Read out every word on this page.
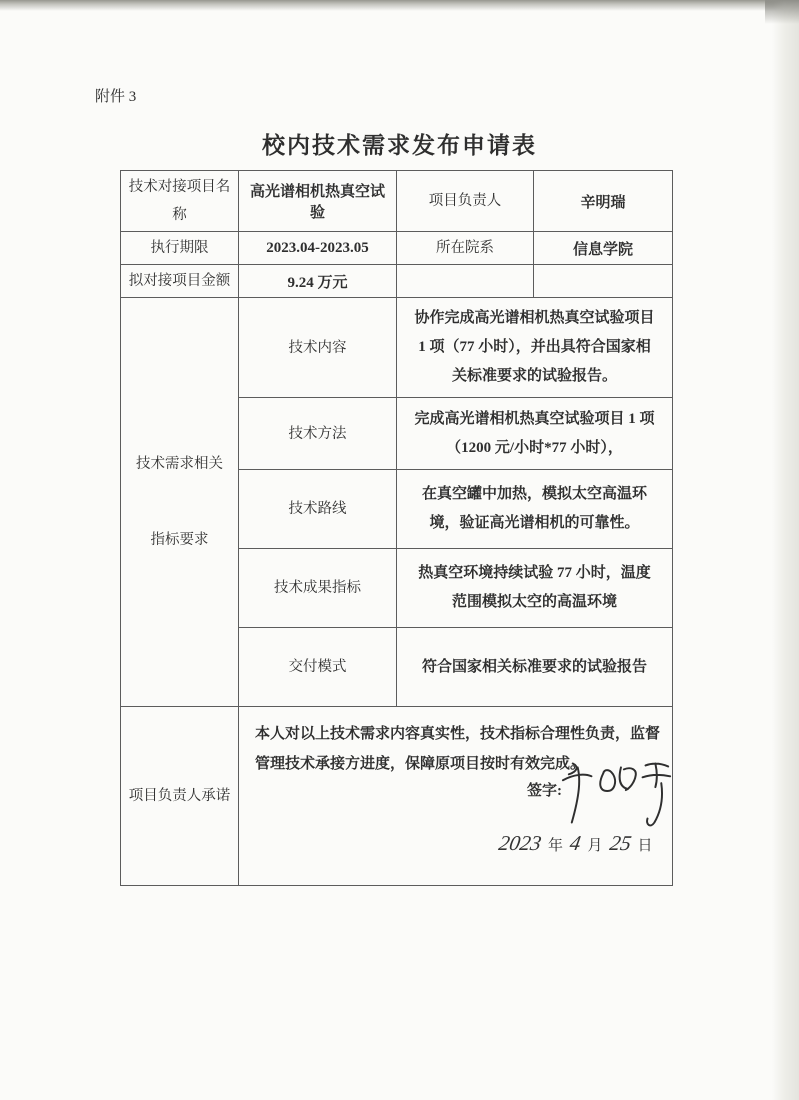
附件 3
校内技术需求发布申请表
技术对接项目名称	高光谱相机热真空试验	项目负责人	辛明瑞
执行期限	2023.04-2023.05	所在院系	信息学院
拟对接项目金额	9.24 万元		

技术需求相关
指标要求	技术内容	协作完成高光谱相机热真空试验项目 1 项（77 小时），并出具符合国家相关标准要求的试验报告。	
	技术方法	完成高光谱相机热真空试验项目 1 项（1200 元/小时*77 小时），	
	技术路线	在真空罐中加热，模拟太空高温环境，验证高光谱相机的可靠性。	
	技术成果指标	热真空环境持续试验 77 小时，温度范围模拟太空的高温环境	
	交付模式	符合国家相关标准要求的试验报告	
项目负责人承诺	本人对以上技术需求内容真实性，技术指标合理性负责，监督管理技术承接方进度，保障原项目按时有效完成。
签字:
2023 年 4 月 25 日		
